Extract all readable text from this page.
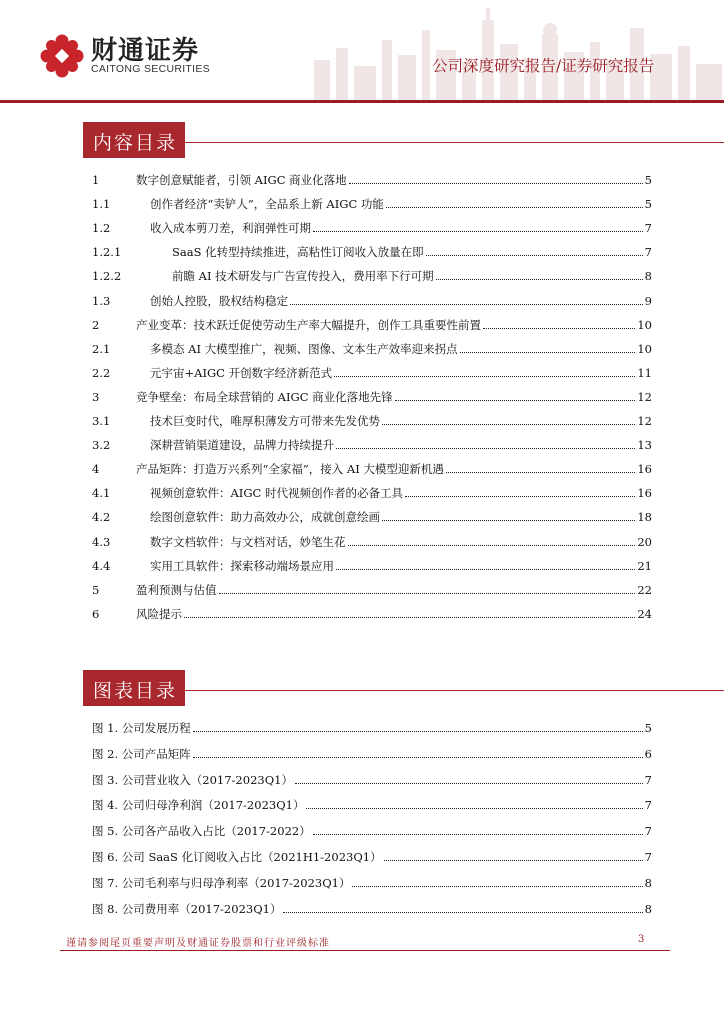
财通证券
CAITONG SECURITIES	公司深度研究报告/证券研究报告
内容目录
1	数字创意赋能者，引领 AIGC 商业化落地	5
1.1	创作者经济“卖铲人”，全品系上新 AIGC 功能	5
1.2	收入成本剪刀差，利润弹性可期	7
1.2.1	SaaS 化转型持续推进，高粘性订阅收入放量在即	7
1.2.2	前瞻 AI 技术研发与广告宣传投入，费用率下行可期	8
1.3	创始人控股，股权结构稳定	9
2	产业变革：技术跃迁促使劳动生产率大幅提升，创作工具重要性前置	10
2.1	多模态 AI 大模型推广，视频、图像、文本生产效率迎来拐点	10
2.2	元宇宙+AIGC 开创数字经济新范式	11
3	竞争壁垒：布局全球营销的 AIGC 商业化落地先锋	12
3.1	技术巨变时代，唯厚积薄发方可带来先发优势	12
3.2	深耕营销渠道建设，品牌力持续提升	13
4	产品矩阵：打造万兴系列“全家福”，接入 AI 大模型迎新机遇	16
4.1	视频创意软件：AIGC 时代视频创作者的必备工具	16
4.2	绘图创意软件：助力高效办公，成就创意绘画	18
4.3	数字文档软件：与文档对话，妙笔生花	20
4.4	实用工具软件：探索移动端场景应用	21
5	盈利预测与估值	22
6	风险提示	24
图表目录
图 1. 公司发展历程	5
图 2. 公司产品矩阵	6
图 3. 公司营业收入（2017-2023Q1）	7
图 4. 公司归母净利润（2017-2023Q1）	7
图 5. 公司各产品收入占比（2017-2022）	7
图 6. 公司 SaaS 化订阅收入占比（2021H1-2023Q1）	7
图 7. 公司毛利率与归母净利率（2017-2023Q1）	8
图 8. 公司费用率（2017-2023Q1）	8
谨请参阅尾页重要声明及财通证券股票和行业评级标准	3
